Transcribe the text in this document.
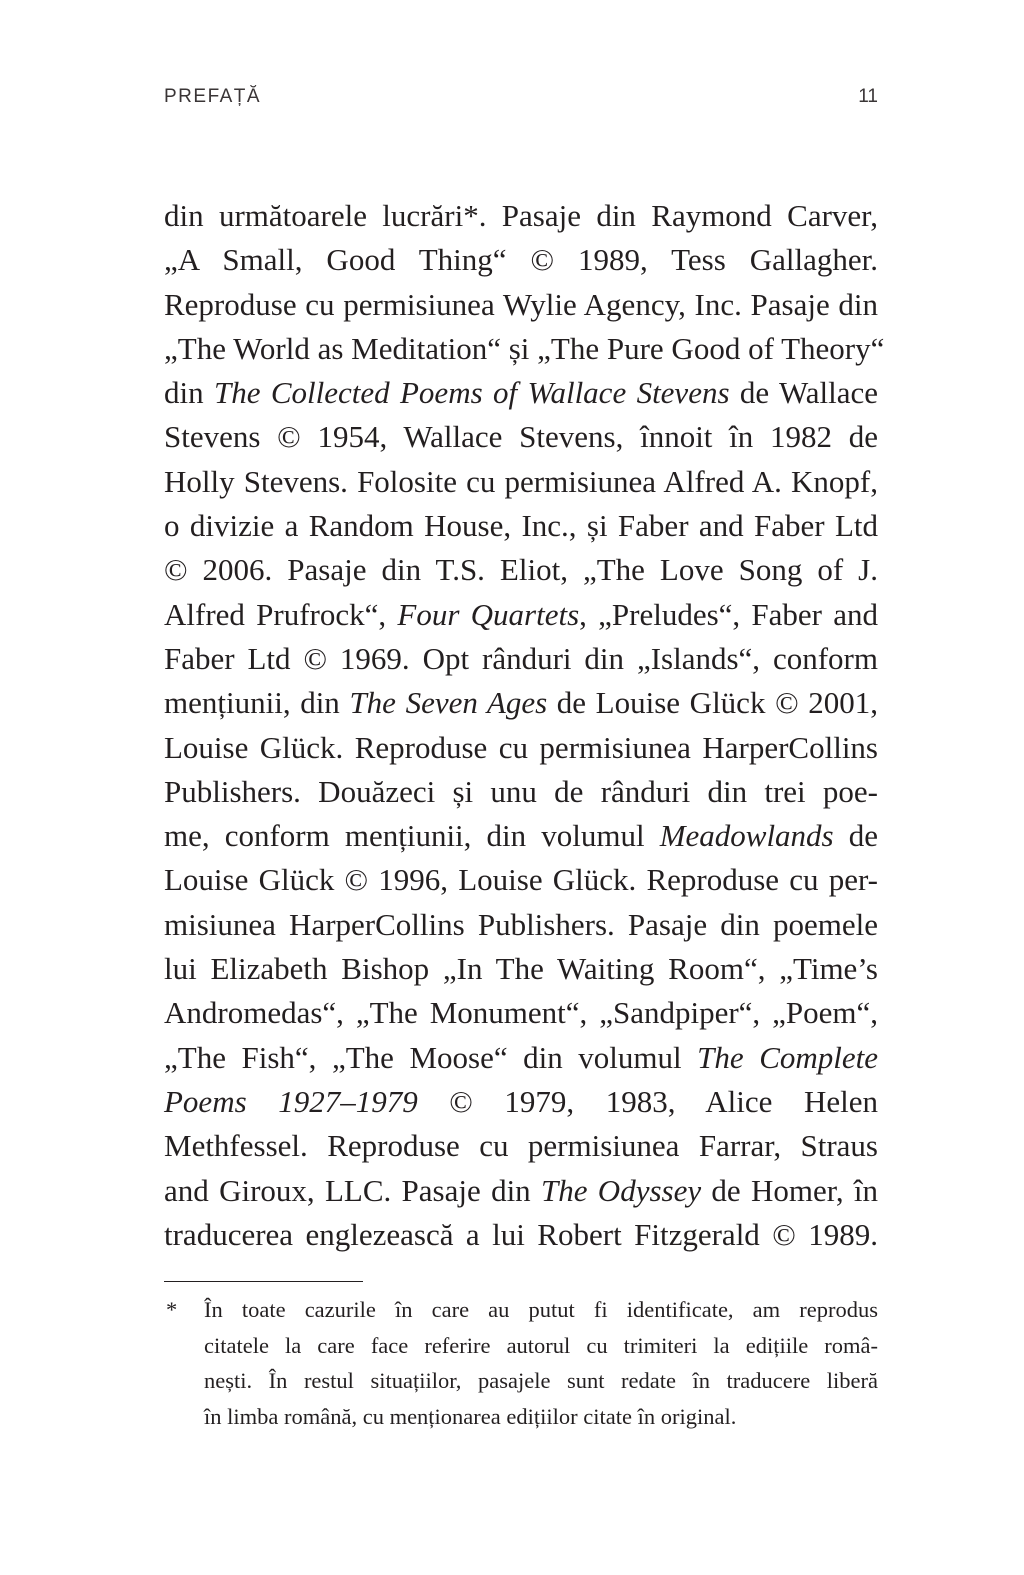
PREFAȚĂ	11
din următoarele lucrări*. Pasaje din Raymond Carver,
„A Small, Good Thing“ © 1989, Tess Gallagher.
Reproduse cu permisiunea Wylie Agency, Inc. Pasaje din
„The World as Meditation“ și „The Pure Good of Theory“
din The Collected Poems of Wallace Stevens de Wallace
Stevens © 1954, Wallace Stevens, înnoit în 1982 de
Holly Stevens. Folosite cu permisiunea Alfred A. Knopf,
o divizie a Random House, Inc., și Faber and Faber Ltd
© 2006. Pasaje din T.S. Eliot, „The Love Song of J.
Alfred Prufrock“, Four Quartets, „Preludes“, Faber and
Faber Ltd © 1969. Opt rânduri din „Islands“, conform
mențiunii, din The Seven Ages de Louise Glück © 2001,
Louise Glück. Reproduse cu permisiunea HarperCollins
Publishers. Douăzeci și unu de rânduri din trei poe-
me, conform mențiunii, din volumul Meadowlands de
Louise Glück © 1996, Louise Glück. Reproduse cu per-
misiunea HarperCollins Publishers. Pasaje din poemele
lui Elizabeth Bishop „In The Waiting Room“, „Time’s
Andromedas“, „The Monument“, „Sandpiper“, „Poem“,
„The Fish“, „The Moose“ din volumul The Complete
Poems 1927–1979 © 1979, 1983, Alice Helen
Methfessel. Reproduse cu permisiunea Farrar, Straus
and Giroux, LLC. Pasaje din The Odyssey de Homer, în
traducerea englezească a lui Robert Fitzgerald © 1989.
* În toate cazurile în care au putut fi identificate, am reprodus
citatele la care face referire autorul cu trimiteri la edițiile româ-
nești. În restul situațiilor, pasajele sunt redate în traducere liberă
în limba română, cu menționarea edițiilor citate în original.
